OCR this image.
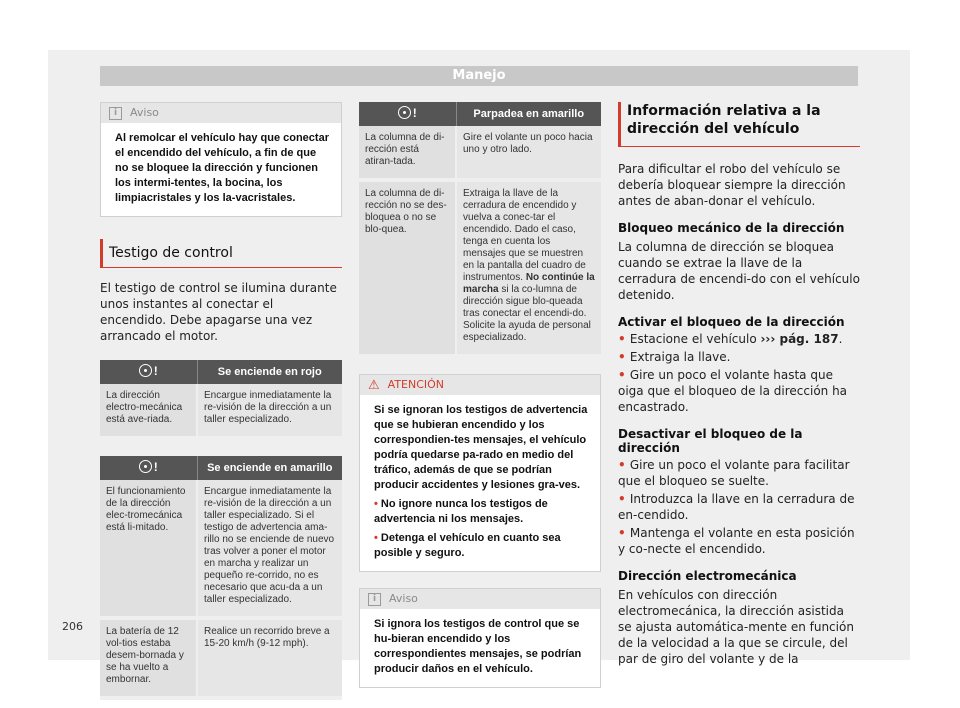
Manejo
i	Aviso
Al remolcar el vehículo hay que conectar el encendido del vehículo, a fin de que no se bloquee la dirección y funcionen los intermi-tentes, la bocina, los limpiacristales y los la-vacristales.
Testigo de control
El testigo de control se ilumina durante unos instantes al conectar el encendido. Debe apagarse una vez arrancado el motor.
!	Se enciende en rojo
La dirección electro-mecánica está ave-riada.	Encargue inmediatamente la re-visión de la dirección a un taller especializado.
!	Se enciende en amarillo
El funcionamiento de la dirección elec-tromecánica está li-mitado.	Encargue inmediatamente la re-visión de la dirección a un taller especializado. Si el testigo de advertencia ama-rillo no se enciende de nuevo tras volver a poner el motor en marcha y realizar un pequeño re-corrido, no es necesario que acu-da a un taller especializado.
La batería de 12 vol-tios estaba desem-bornada y se ha vuelto a embornar.	Realice un recorrido breve a 15-20 km/h (9-12 mph).
!	Parpadea en amarillo
La columna de di-rección está atiran-tada.	Gire el volante un poco hacia uno y otro lado.
La columna de di-rección no se des-bloquea o no se blo-quea.	Extraiga la llave de la cerradura de encendido y vuelva a conec-tar el encendido. Dado el caso, tenga en cuenta los mensajes que se muestren en la pantalla del cuadro de instrumentos. No continúe la marcha si la co-lumna de dirección sigue blo-queada tras conectar el encendi-do. Solicite la ayuda de personal especializado.
⚠ ATENCIÓN
Si se ignoran los testigos de advertencia que se hubieran encendido y los correspondien-tes mensajes, el vehículo podría quedarse pa-rado en medio del tráfico, además de que se podrían producir accidentes y lesiones gra-ves.
• No ignore nunca los testigos de advertencia ni los mensajes.
• Detenga el vehículo en cuanto sea posible y seguro.
i	Aviso
Si ignora los testigos de control que se hu-bieran encendido y los correspondientes mensajes, se podrían producir daños en el vehículo.
Información relativa a la dirección del vehículo
Para dificultar el robo del vehículo se debería bloquear siempre la dirección antes de aban-donar el vehículo.
Bloqueo mecánico de la dirección
La columna de dirección se bloquea cuando se extrae la llave de la cerradura de encendi-do con el vehículo detenido.
Activar el bloqueo de la dirección
• Estacione el vehículo ››› pág. 187.
• Extraiga la llave.
• Gire un poco el volante hasta que oiga que el bloqueo de la dirección ha encastrado.
Desactivar el bloqueo de la dirección
• Gire un poco el volante para facilitar que el bloqueo se suelte.
• Introduzca la llave en la cerradura de en-cendido.
• Mantenga el volante en esta posición y co-necte el encendido.
Dirección electromecánica
En vehículos con dirección electromecánica, la dirección asistida se ajusta automática-mente en función de la velocidad a la que se circule, del par de giro del volante y de la
206
